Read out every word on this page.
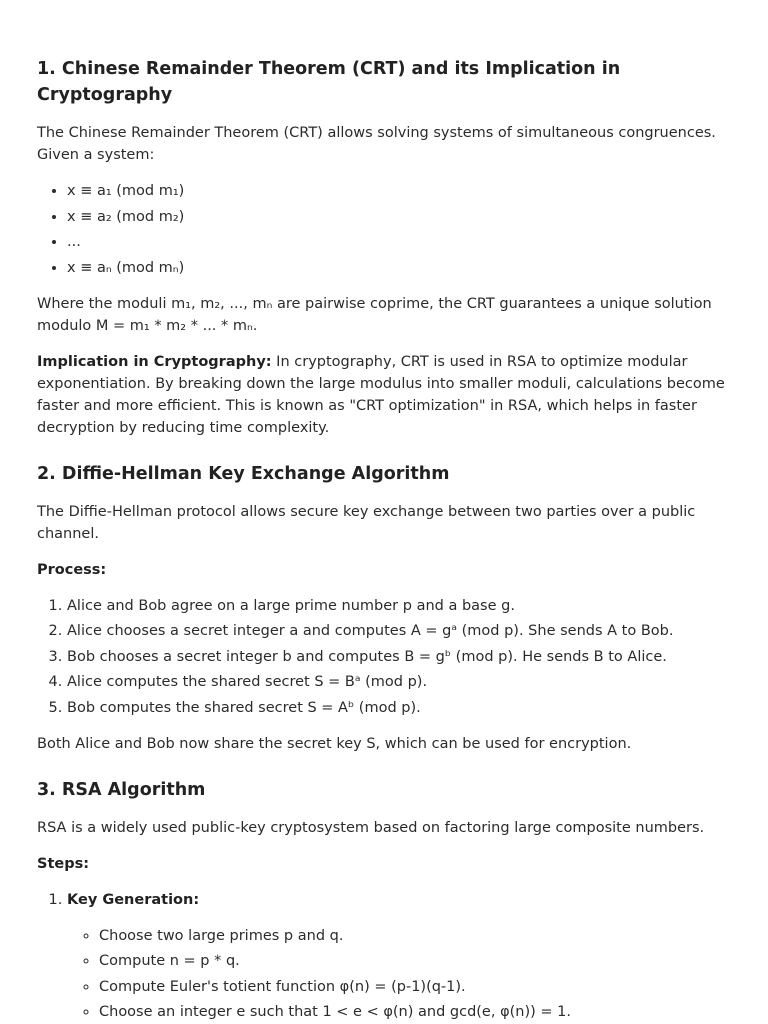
1. Chinese Remainder Theorem (CRT) and its Implication in Cryptography

The Chinese Remainder Theorem (CRT) allows solving systems of simultaneous congruences. Given a system:

• x ≡ a₁ (mod m₁)
• x ≡ a₂ (mod m₂)
• ...
• x ≡ aₙ (mod mₙ)

Where the moduli m₁, m₂, ..., mₙ are pairwise coprime, the CRT guarantees a unique solution modulo M = m₁ * m₂ * ... * mₙ.

Implication in Cryptography: In cryptography, CRT is used in RSA to optimize modular exponentiation. By breaking down the large modulus into smaller moduli, calculations become faster and more efficient. This is known as "CRT optimization" in RSA, which helps in faster decryption by reducing time complexity.

2. Diffie-Hellman Key Exchange Algorithm

The Diffie-Hellman protocol allows secure key exchange between two parties over a public channel.

Process:

1. Alice and Bob agree on a large prime number p and a base g.
2. Alice chooses a secret integer a and computes A = gᵃ (mod p). She sends A to Bob.
3. Bob chooses a secret integer b and computes B = gᵇ (mod p). He sends B to Alice.
4. Alice computes the shared secret S = Bᵃ (mod p).
5. Bob computes the shared secret S = Aᵇ (mod p).

Both Alice and Bob now share the secret key S, which can be used for encryption.

3. RSA Algorithm

RSA is a widely used public-key cryptosystem based on factoring large composite numbers.

Steps:

1. Key Generation:
◦ Choose two large primes p and q.
◦ Compute n = p * q.
◦ Compute Euler's totient function φ(n) = (p-1)(q-1).
◦ Choose an integer e such that 1 < e < φ(n) and gcd(e, φ(n)) = 1.
